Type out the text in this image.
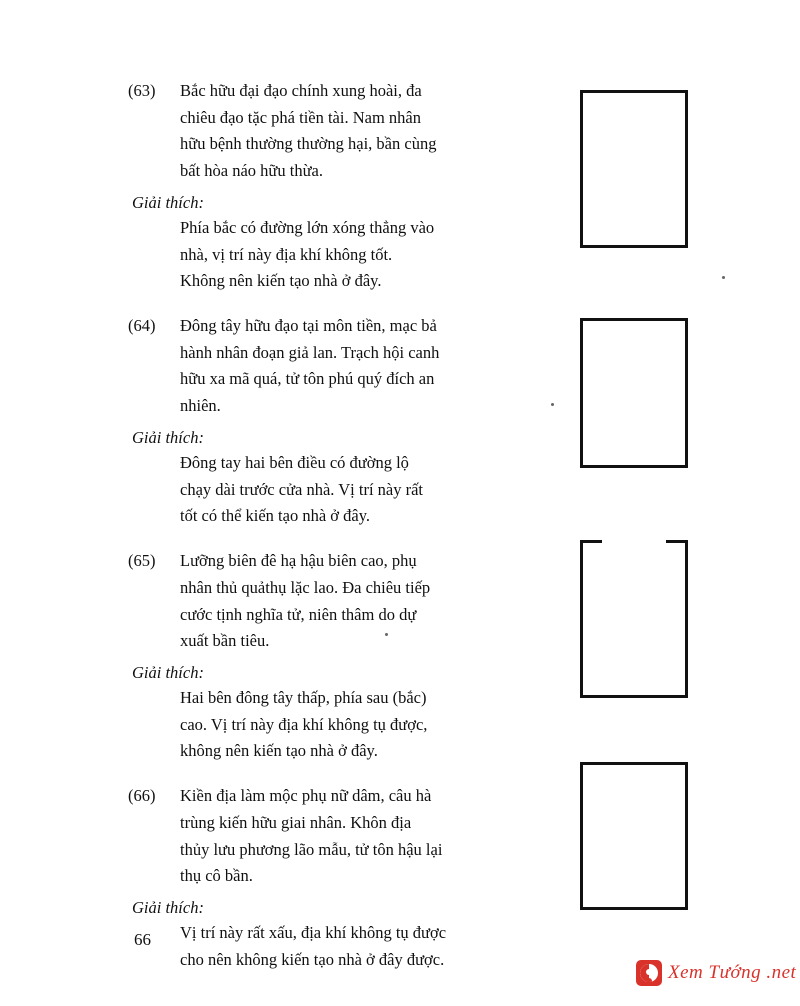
(63) Bắc hữu đại đạo chính xung hoài, đa
chiêu đạo tặc phá tiền tài. Nam nhân
hữu bệnh thường thường hại, bần cùng
bất hòa náo hữu thừa.
Giải thích:
Phía bắc có đường lớn xóng thẳng vào
nhà, vị trí này địa khí không tốt.
Không nên kiến tạo nhà ở đây.
(64) Đông tây hữu đạo tại môn tiền, mạc bả
hành nhân đoạn giả lan. Trạch hội canh
hữu xa mã quá, tử tôn phú quý đích an
nhiên.
Giải thích:
Đông tay hai bên điều có đường lộ
chạy dài trước cửa nhà. Vị trí này rất
tốt có thể kiến tạo nhà ở đây.
(65) Lưỡng biên đê hạ hậu biên cao, phụ
nhân thủ quảthụ lặc lao. Đa chiêu tiếp
cước tịnh nghĩa tử, niên thâm do dự
xuất bần tiêu.
Giải thích:
Hai bên đông tây thấp, phía sau (bắc)
cao. Vị trí này địa khí không tụ được,
không nên kiến tạo nhà ở đây.
(66) Kiền địa làm mộc phụ nữ dâm, câu hà
trùng kiến hữu giai nhân. Khôn địa
thủy lưu phương lão mẫu, tử tôn hậu lại
thụ cô bần.
Giải thích:
Vị trí này rất xấu, địa khí không tụ được
cho nên không kiến tạo nhà ở đây được.
66
Xem Tướng .net
